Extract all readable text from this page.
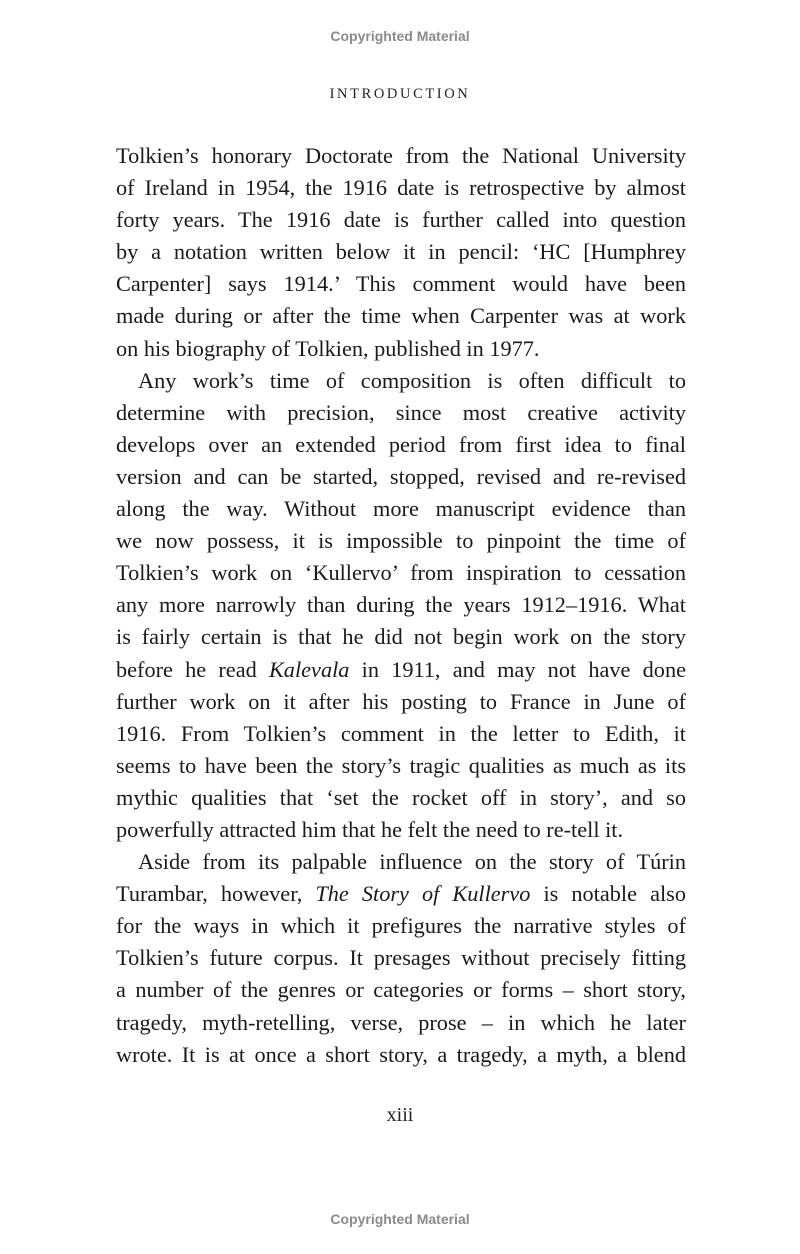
Copyrighted Material
INTRODUCTION
Tolkien’s honorary Doctorate from the National University
of Ireland in 1954, the 1916 date is retrospective by almost
forty years. The 1916 date is further called into question
by a notation written below it in pencil: ‘HC [Humphrey
Carpenter] says 1914.’ This comment would have been
made during or after the time when Carpenter was at work
on his biography of Tolkien, published in 1977.
Any work’s time of composition is often difficult to
determine with precision, since most creative activity
develops over an extended period from first idea to final
version and can be started, stopped, revised and re-revised
along the way. Without more manuscript evidence than
we now possess, it is impossible to pinpoint the time of
Tolkien’s work on ‘Kullervo’ from inspiration to cessation
any more narrowly than during the years 1912–1916. What
is fairly certain is that he did not begin work on the story
before he read Kalevala in 1911, and may not have done
further work on it after his posting to France in June of
1916. From Tolkien’s comment in the letter to Edith, it
seems to have been the story’s tragic qualities as much as its
mythic qualities that ‘set the rocket off in story’, and so
powerfully attracted him that he felt the need to re-tell it.
Aside from its palpable influence on the story of Túrin
Turambar, however, The Story of Kullervo is notable also
for the ways in which it prefigures the narrative styles of
Tolkien’s future corpus. It presages without precisely fitting
a number of the genres or categories or forms – short story,
tragedy, myth-retelling, verse, prose – in which he later
wrote. It is at once a short story, a tragedy, a myth, a blend
xiii
Copyrighted Material
